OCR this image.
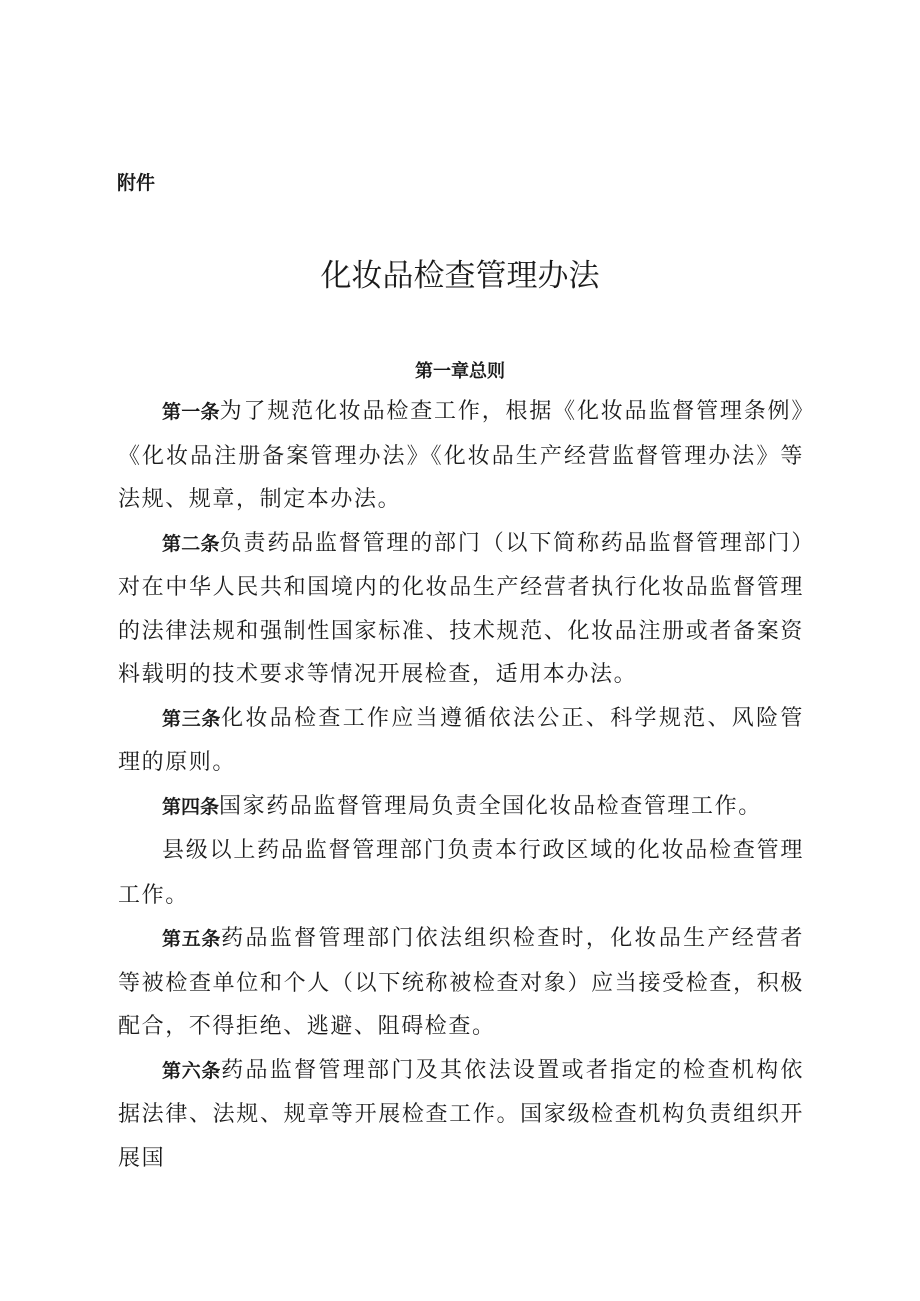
附件
化妆品检查管理办法
第一章总则

第一条为了规范化妆品检查工作，根据《化妆品监督管理条例》《化妆品注册备案管理办法》《化妆品生产经营监督管理办法》等法规、规章，制定本办法。

第二条负责药品监督管理的部门（以下简称药品监督管理部门）对在中华人民共和国境内的化妆品生产经营者执行化妆品监督管理的法律法规和强制性国家标准、技术规范、化妆品注册或者备案资料载明的技术要求等情况开展检查，适用本办法。

第三条化妆品检查工作应当遵循依法公正、科学规范、风险管理的原则。

第四条国家药品监督管理局负责全国化妆品检查管理工作。

县级以上药品监督管理部门负责本行政区域的化妆品检查管理工作。

第五条药品监督管理部门依法组织检查时，化妆品生产经营者等被检查单位和个人（以下统称被检查对象）应当接受检查，积极配合，不得拒绝、逃避、阻碍检查。

第六条药品监督管理部门及其依法设置或者指定的检查机构依据法律、法规、规章等开展检查工作。国家级检查机构负责组织开展国
